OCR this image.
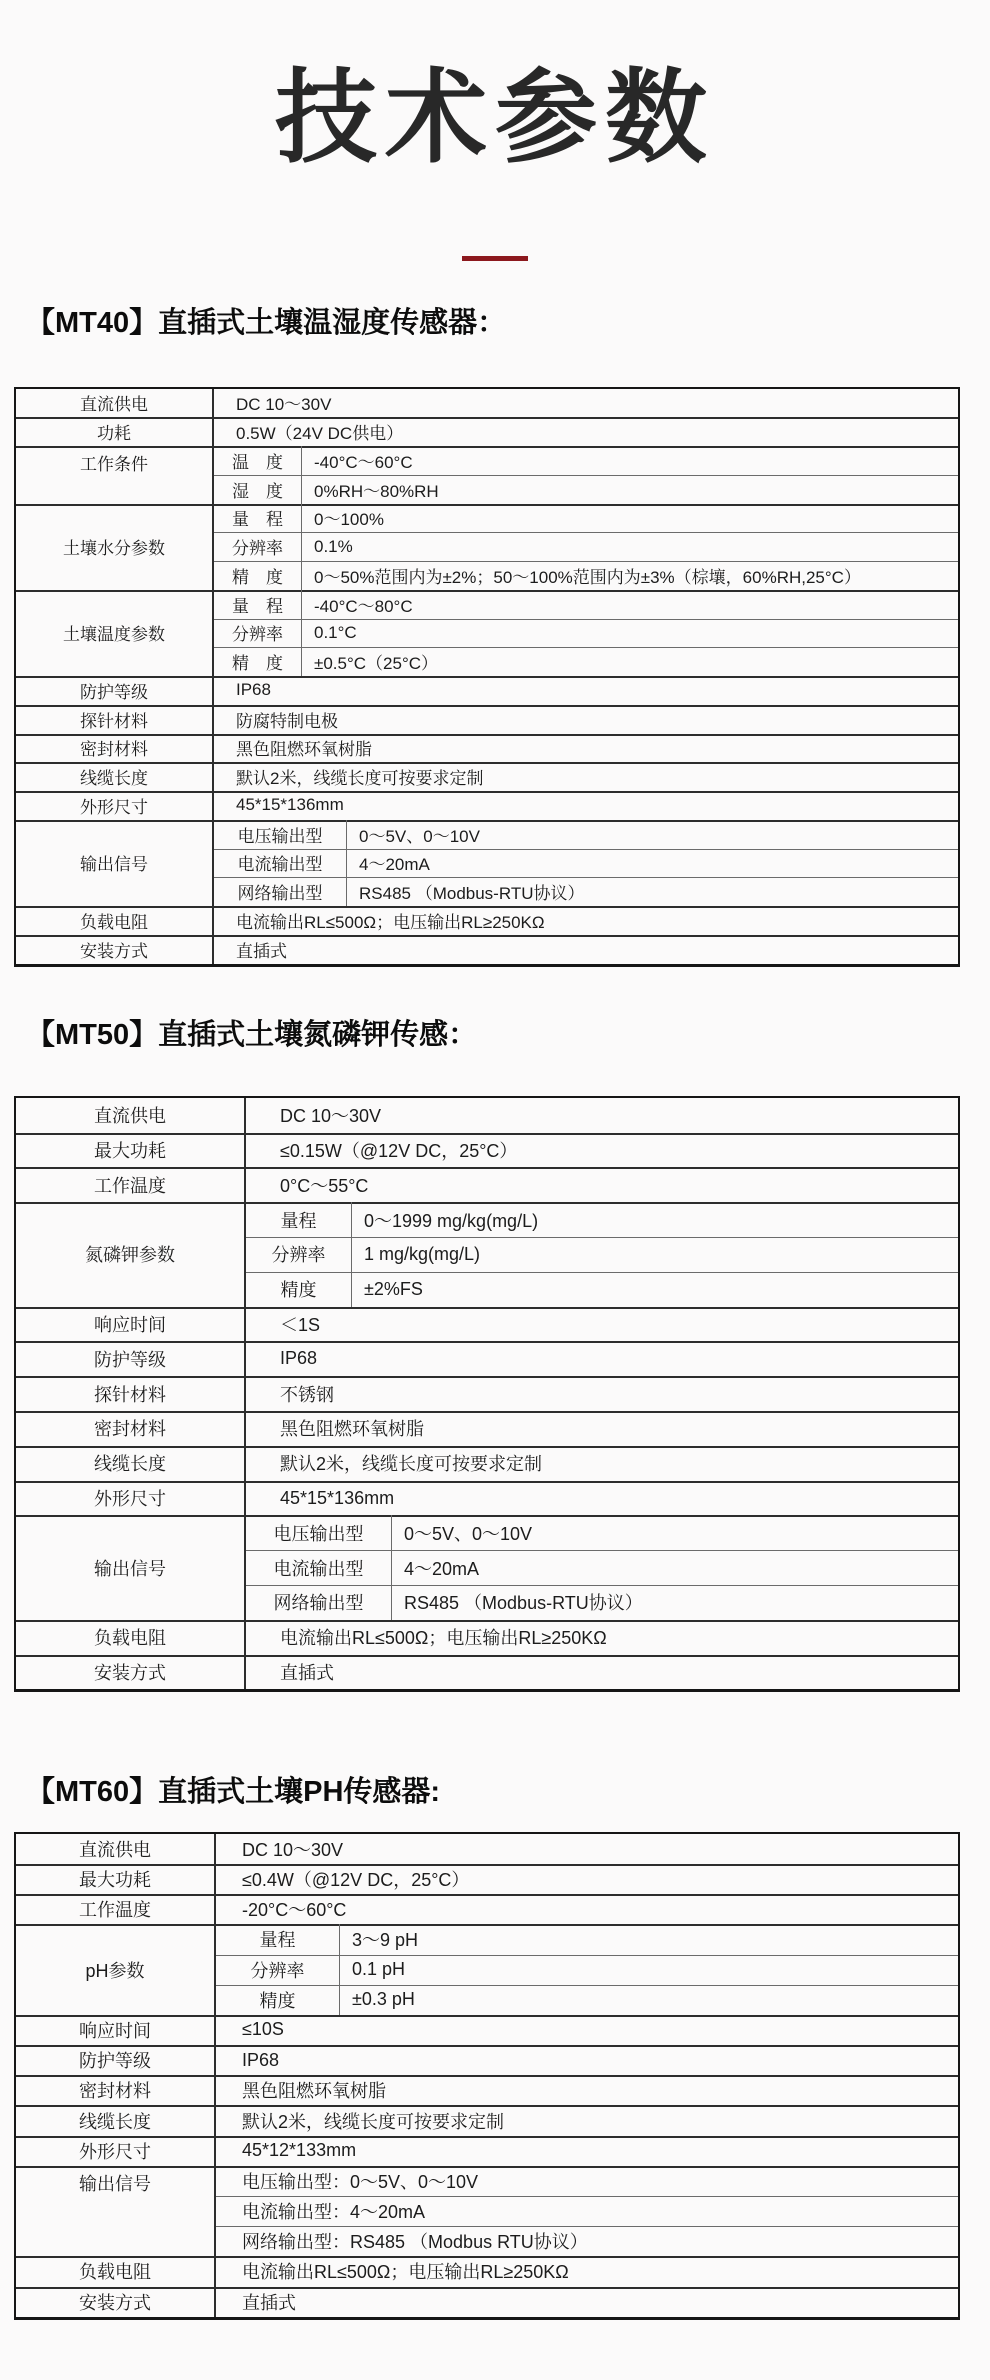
技术参数
【MT40】直插式土壤温湿度传感器：
直流供电	DC 10～30V
功耗	0.5W（24V DC供电）
工作条件	温　度	-40°C～60°C
湿　度	0%RH～80%RH
土壤水分参数
量　程	0～100%
分辨率	0.1%
精　度	0～50%范围内为±2%；50～100%范围内为±3%（棕壤，60%RH,25°C）
土壤温度参数
量　程	-40°C～80°C
分辨率	0.1°C
精　度	±0.5°C（25°C）
防护等级	IP68
探针材料	防腐特制电极
密封材料	黑色阻燃环氧树脂
线缆长度	默认2米，线缆长度可按要求定制
外形尺寸	45*15*136mm
输出信号
电压输出型	0～5V、0～10V
电流输出型	4～20mA
网络输出型	RS485 （Modbus-RTU协议）
负载电阻	电流输出RL≤500Ω；电压输出RL≥250KΩ
安装方式	直插式
【MT50】直插式土壤氮磷钾传感：
直流供电	DC 10～30V
最大功耗	≤0.15W（@12V DC，25°C）
工作温度	0°C～55°C
氮磷钾参数
量程	0～1999 mg/kg(mg/L)
分辨率	1 mg/kg(mg/L)
精度	±2%FS
响应时间	＜1S
防护等级	IP68
探针材料	不锈钢
密封材料	黑色阻燃环氧树脂
线缆长度	默认2米，线缆长度可按要求定制
外形尺寸	45*15*136mm
输出信号
电压输出型	0～5V、0～10V
电流输出型	4～20mA
网络输出型	RS485 （Modbus-RTU协议）
负载电阻	电流输出RL≤500Ω；电压输出RL≥250KΩ
安装方式	直插式
【MT60】直插式土壤PH传感器:
直流供电	DC 10～30V
最大功耗	≤0.4W（@12V DC，25°C）
工作温度	-20°C～60°C
pH参数
量程	3～9 pH
分辨率	0.1 pH
精度	±0.3 pH
响应时间	≤10S
防护等级	IP68
密封材料	黑色阻燃环氧树脂
线缆长度	默认2米，线缆长度可按要求定制
外形尺寸	45*12*133mm
输出信号	电压输出型：0～5V、0～10V
电流输出型：4～20mA
网络输出型：RS485 （Modbus RTU协议）
负载电阻	电流输出RL≤500Ω；电压输出RL≥250KΩ
安装方式	直插式
